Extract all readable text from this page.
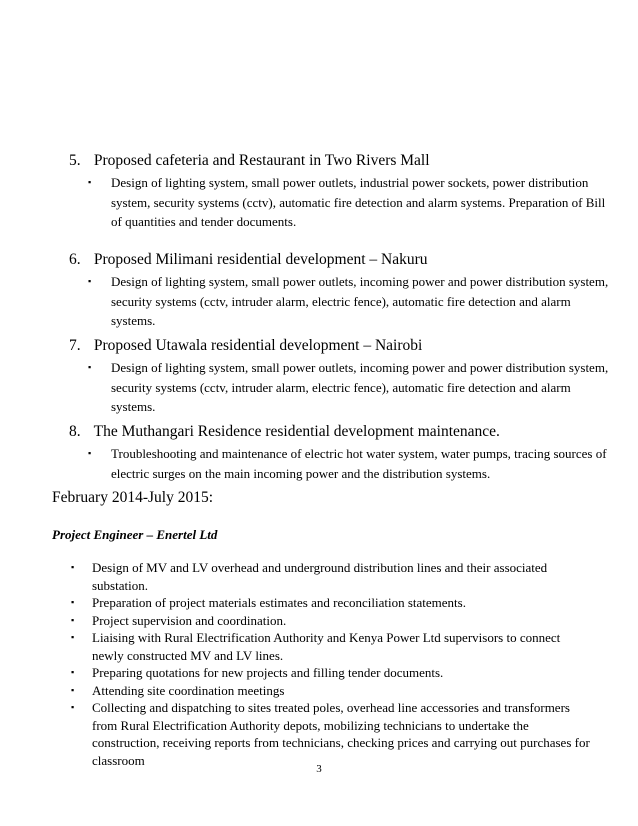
5. Proposed cafeteria and Restaurant in Two Rivers Mall
▪ Design of lighting system, small power outlets, industrial power sockets, power distribution system, security systems (cctv), automatic fire detection and alarm systems. Preparation of Bill of quantities and tender documents.
6. Proposed Milimani residential development – Nakuru
▪ Design of lighting system, small power outlets, incoming power and power distribution system, security systems (cctv, intruder alarm, electric fence), automatic fire detection and alarm systems.
7. Proposed Utawala residential development – Nairobi
▪ Design of lighting system, small power outlets, incoming power and power distribution system, security systems (cctv, intruder alarm, electric fence), automatic fire detection and alarm systems.
8. The Muthangari Residence residential development maintenance.
▪ Troubleshooting and maintenance of electric hot water system, water pumps, tracing sources of electric surges on the main incoming power and the distribution systems.
February 2014-July 2015:
Project Engineer – Enertel Ltd
▪ Design of MV and LV overhead and underground distribution lines and their associated substation.
▪ Preparation of project materials estimates and reconciliation statements.
▪ Project supervision and coordination.
▪ Liaising with Rural Electrification Authority and Kenya Power Ltd supervisors to connect newly constructed MV and LV lines.
▪ Preparing quotations for new projects and filling tender documents.
▪ Attending site coordination meetings
▪ Collecting and dispatching to sites treated poles, overhead line accessories and transformers from Rural Electrification Authority depots, mobilizing technicians to undertake the construction, receiving reports from technicians, checking prices and carrying out purchases for classroom
3
